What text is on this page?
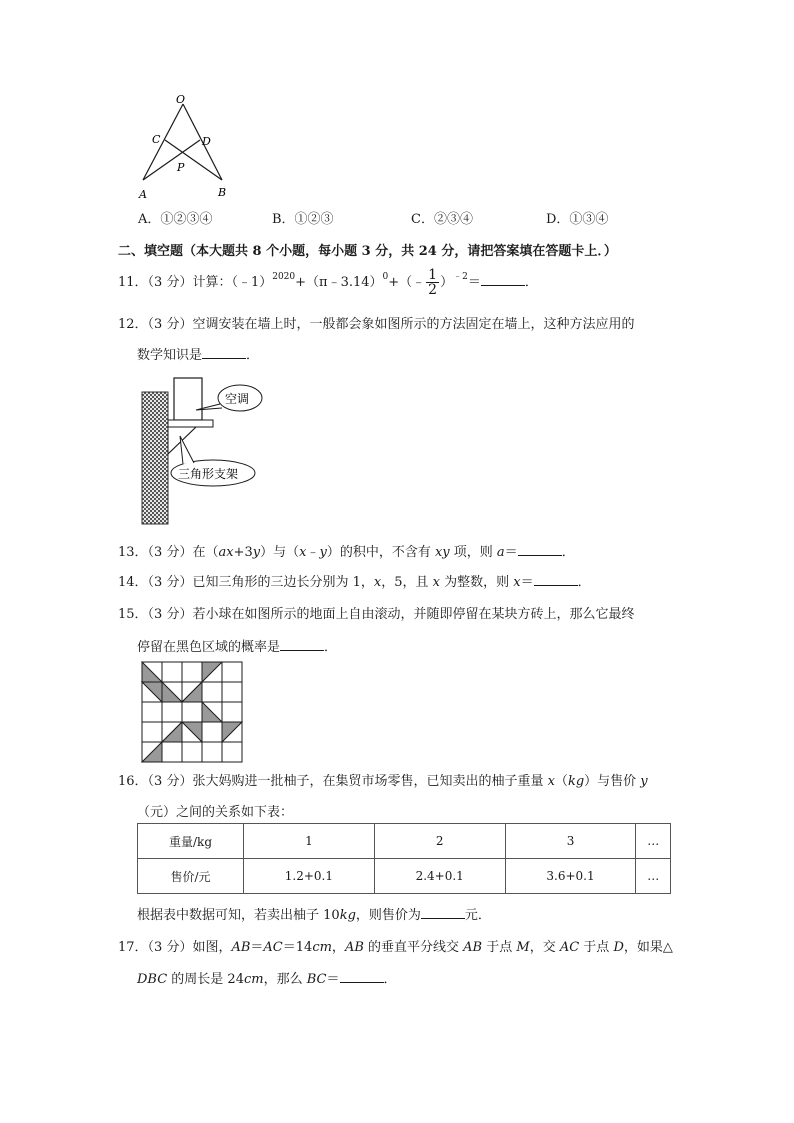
O
C	D
P
A	B
A．①②③④	B．①②③	C．②③④	D．①③④
二、填空题（本大题共 8 个小题，每小题 3 分，共 24 分，请把答案填在答题卡上．）
11．（3 分）计算：（﹣1）$^{2020}$+（π﹣3.14）$^0$+（﹣ $\frac{1}{2} )^{﹣2}=$	．
12．（3 分）空调安装在墙上时，一般都会象如图所示的方法固定在墙上，这种方法应用的
数学知识是	．
空调
三角形支架
13．（3 分）在（ax+3y）与（x﹣y）的积中，不含有 xy 项，则 a＝	．
14．（3 分）已知三角形的三边长分别为 1，x，5，且 x 为整数，则 x＝	．
15．（3 分）若小球在如图所示的地面上自由滚动，并随即停留在某块方砖上，那么它最终
停留在黑色区域的概率是	．
16．（3 分）张大妈购进一批柚子，在集贸市场零售，已知卖出的柚子重量 x（kg）与售价 y
（元）之间的关系如下表：
重量/kg	1	2	3	…
售价/元	1.2+0.1	2.4+0.1	3.6+0.1	…
根据表中数据可知，若卖出柚子 10kg，则售价为	元．
17．（3 分）如图，AB＝AC＝14cm，AB 的垂直平分线交 AB 于点 M，交 AC 于点 D，如果△
DBC 的周长是 24cm，那么 BC＝	．
